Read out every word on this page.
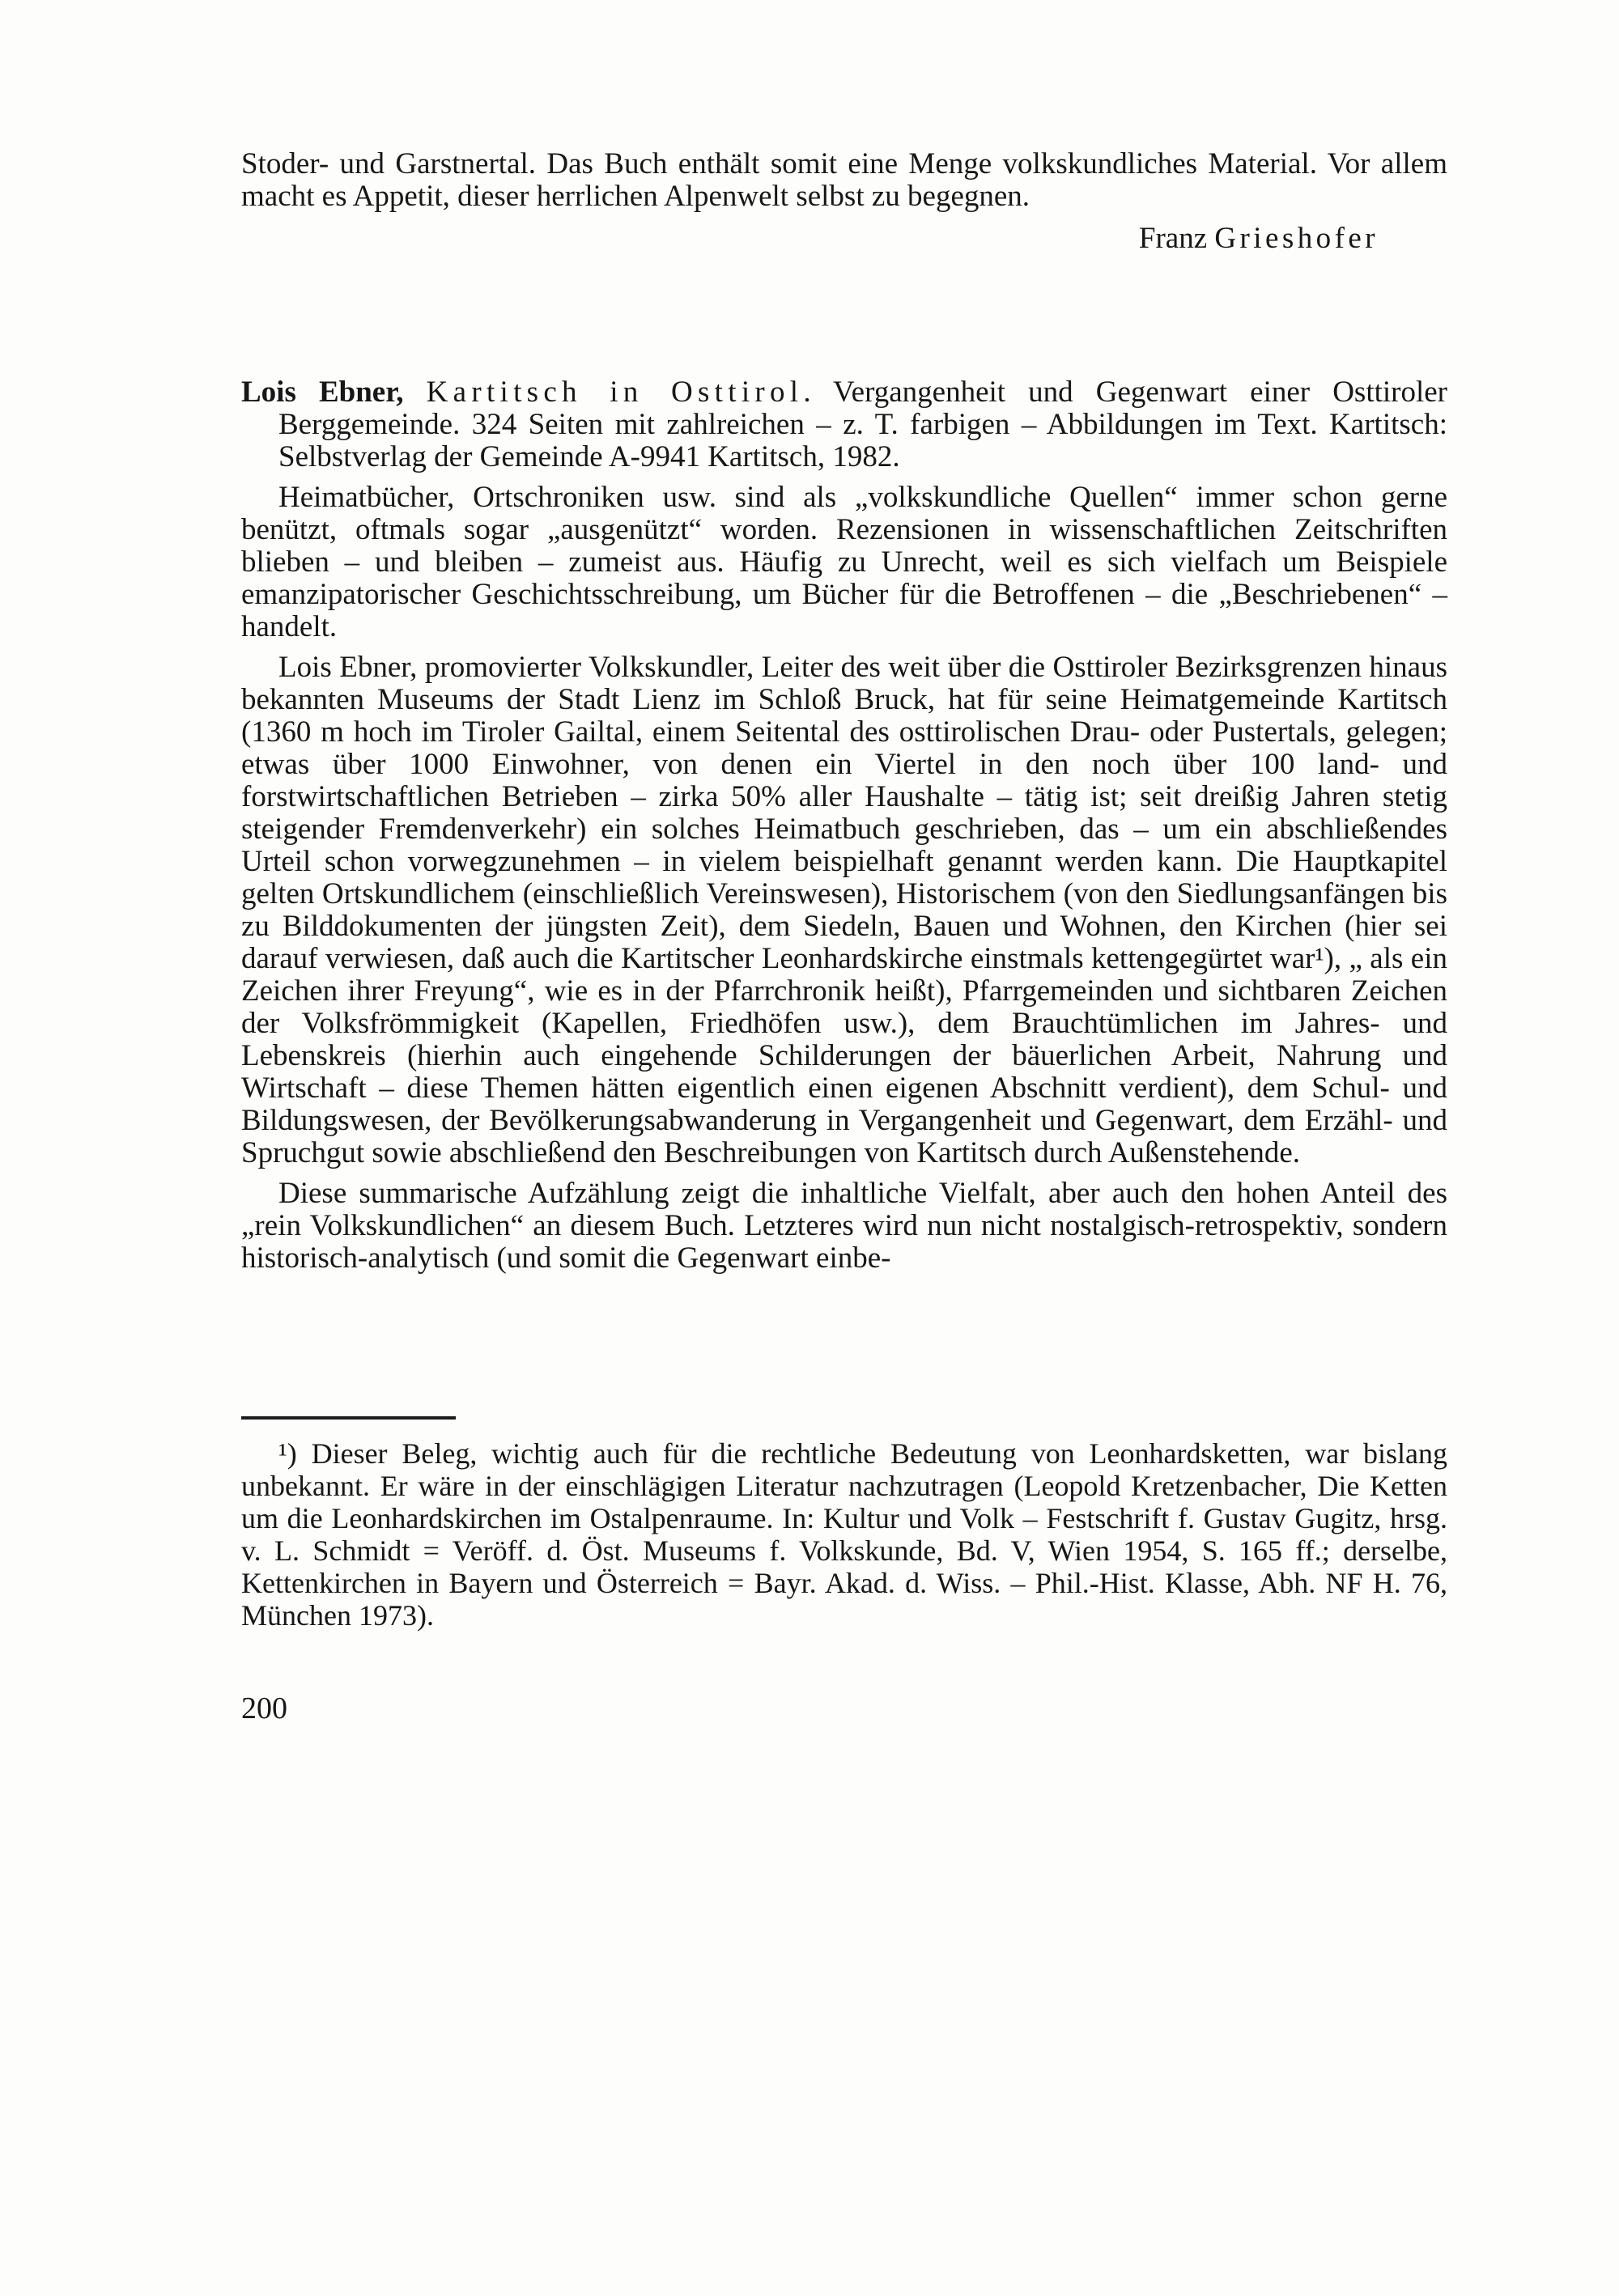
Stoder- und Garstnertal. Das Buch enthält somit eine Menge volkskundliches Material. Vor allem macht es Appetit, dieser herrlichen Alpenwelt selbst zu begegnen.

Franz Grieshofer

Lois Ebner, Kartitsch in Osttirol. Vergangenheit und Gegenwart einer Osttiroler Berggemeinde. 324 Seiten mit zahlreichen – z. T. farbigen – Abbildungen im Text. Kartitsch: Selbstverlag der Gemeinde A-9941 Kartitsch, 1982.

Heimatbücher, Ortschroniken usw. sind als „volkskundliche Quellen“ immer schon gerne benützt, oftmals sogar „ausgenützt“ worden. Rezensionen in wissenschaftlichen Zeitschriften blieben – und bleiben – zumeist aus. Häufig zu Unrecht, weil es sich vielfach um Beispiele emanzipatorischer Geschichtsschreibung, um Bücher für die Betroffenen – die „Beschriebenen“ – handelt.

Lois Ebner, promovierter Volkskundler, Leiter des weit über die Osttiroler Bezirksgrenzen hinaus bekannten Museums der Stadt Lienz im Schloß Bruck, hat für seine Heimatgemeinde Kartitsch (1360 m hoch im Tiroler Gailtal, einem Seitental des osttirolischen Drau- oder Pustertals, gelegen; etwas über 1000 Einwohner, von denen ein Viertel in den noch über 100 land- und forstwirtschaftlichen Betrieben – zirka 50% aller Haushalte – tätig ist; seit dreißig Jahren stetig steigender Fremdenverkehr) ein solches Heimatbuch geschrieben, das – um ein abschließendes Urteil schon vorwegzunehmen – in vielem beispielhaft genannt werden kann. Die Hauptkapitel gelten Ortskundlichem (einschließlich Vereinswesen), Historischem (von den Siedlungsanfängen bis zu Bilddokumenten der jüngsten Zeit), dem Siedeln, Bauen und Wohnen, den Kirchen (hier sei darauf verwiesen, daß auch die Kartitscher Leonhardskirche einstmals kettengegürtet war¹), „ als ein Zeichen ihrer Freyung“, wie es in der Pfarrchronik heißt), Pfarrgemeinden und sichtbaren Zeichen der Volksfrömmigkeit (Kapellen, Friedhöfen usw.), dem Brauchtümlichen im Jahres- und Lebenskreis (hierhin auch eingehende Schilderungen der bäuerlichen Arbeit, Nahrung und Wirtschaft – diese Themen hätten eigentlich einen eigenen Abschnitt verdient), dem Schul- und Bildungswesen, der Bevölkerungsabwanderung in Vergangenheit und Gegenwart, dem Erzähl- und Spruchgut sowie abschließend den Beschreibungen von Kartitsch durch Außenstehende.

Diese summarische Aufzählung zeigt die inhaltliche Vielfalt, aber auch den hohen Anteil des „rein Volkskundlichen“ an diesem Buch. Letzteres wird nun nicht nostalgisch-retrospektiv, sondern historisch-analytisch (und somit die Gegenwart einbe-

¹) Dieser Beleg, wichtig auch für die rechtliche Bedeutung von Leonhardsketten, war bislang unbekannt. Er wäre in der einschlägigen Literatur nachzutragen (Leopold Kretzenbacher, Die Ketten um die Leonhardskirchen im Ostalpenraume. In: Kultur und Volk – Festschrift f. Gustav Gugitz, hrsg. v. L. Schmidt = Veröff. d. Öst. Museums f. Volkskunde, Bd. V, Wien 1954, S. 165 ff.; derselbe, Kettenkirchen in Bayern und Österreich = Bayr. Akad. d. Wiss. – Phil.-Hist. Klasse, Abh. NF H. 76, München 1973).

200
